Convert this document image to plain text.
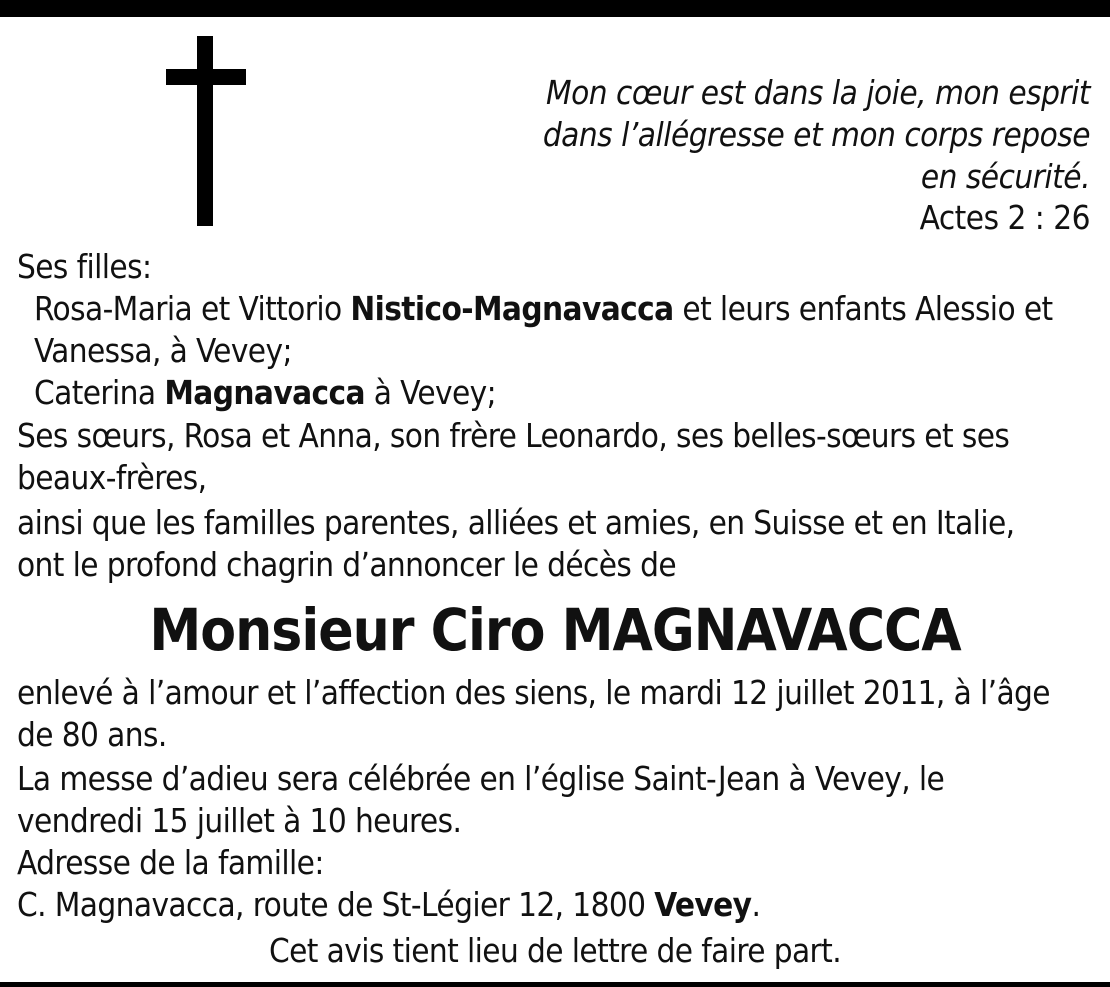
Mon cœur est dans la joie, mon esprit
dans l’allégresse et mon corps repose
en sécurité.
Actes 2 : 26
Ses filles:
Rosa-Maria et Vittorio Nistico-Magnavacca et leurs enfants Alessio et
Vanessa, à Vevey;
Caterina Magnavacca à Vevey;
Ses sœurs, Rosa et Anna, son frère Leonardo, ses belles-sœurs et ses
beaux-frères,
ainsi que les familles parentes, alliées et amies, en Suisse et en Italie,
ont le profond chagrin d’annoncer le décès de
Monsieur Ciro MAGNAVACCA
enlevé à l’amour et l’affection des siens, le mardi 12 juillet 2011, à l’âge
de 80 ans.
La messe d’adieu sera célébrée en l’église Saint-Jean à Vevey, le
vendredi 15 juillet à 10 heures.
Adresse de la famille:
C. Magnavacca, route de St-Légier 12, 1800 Vevey.
Cet avis tient lieu de lettre de faire part.
